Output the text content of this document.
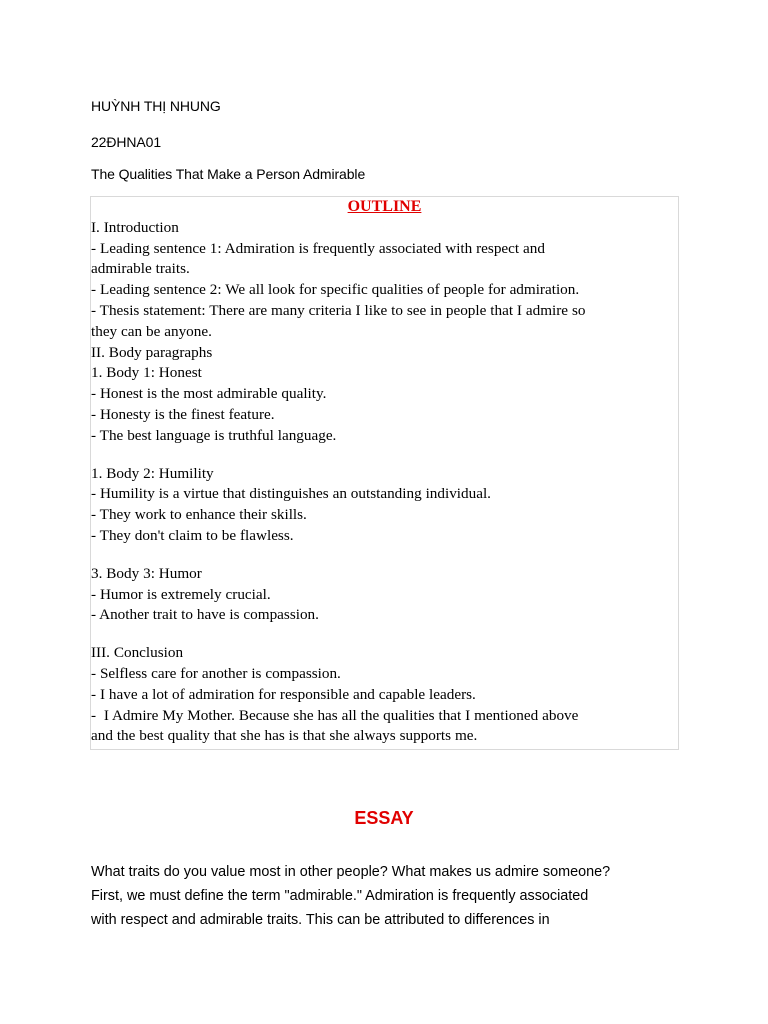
HUỲNH THỊ NHUNG
22ĐHNA01
The Qualities That Make a Person Admirable
OUTLINE
I. Introduction
- Leading sentence 1: Admiration is frequently associated with respect and
admirable traits.
- Leading sentence 2: We all look for specific qualities of people for admiration.
- Thesis statement: There are many criteria I like to see in people that I admire so
they can be anyone.
II. Body paragraphs
1. Body 1: Honest
- Honest is the most admirable quality.
- Honesty is the finest feature.
- The best language is truthful language.
1. Body 2: Humility
- Humility is a virtue that distinguishes an outstanding individual.
- They work to enhance their skills.
- They don't claim to be flawless.
3. Body 3: Humor
- Humor is extremely crucial.
- Another trait to have is compassion.
III. Conclusion
- Selfless care for another is compassion.
- I have a lot of admiration for responsible and capable leaders.
-  I Admire My Mother. Because she has all the qualities that I mentioned above
and the best quality that she has is that she always supports me.
ESSAY
What traits do you value most in other people? What makes us admire someone?
First, we must define the term "admirable." Admiration is frequently associated
with respect and admirable traits. This can be attributed to differences in
